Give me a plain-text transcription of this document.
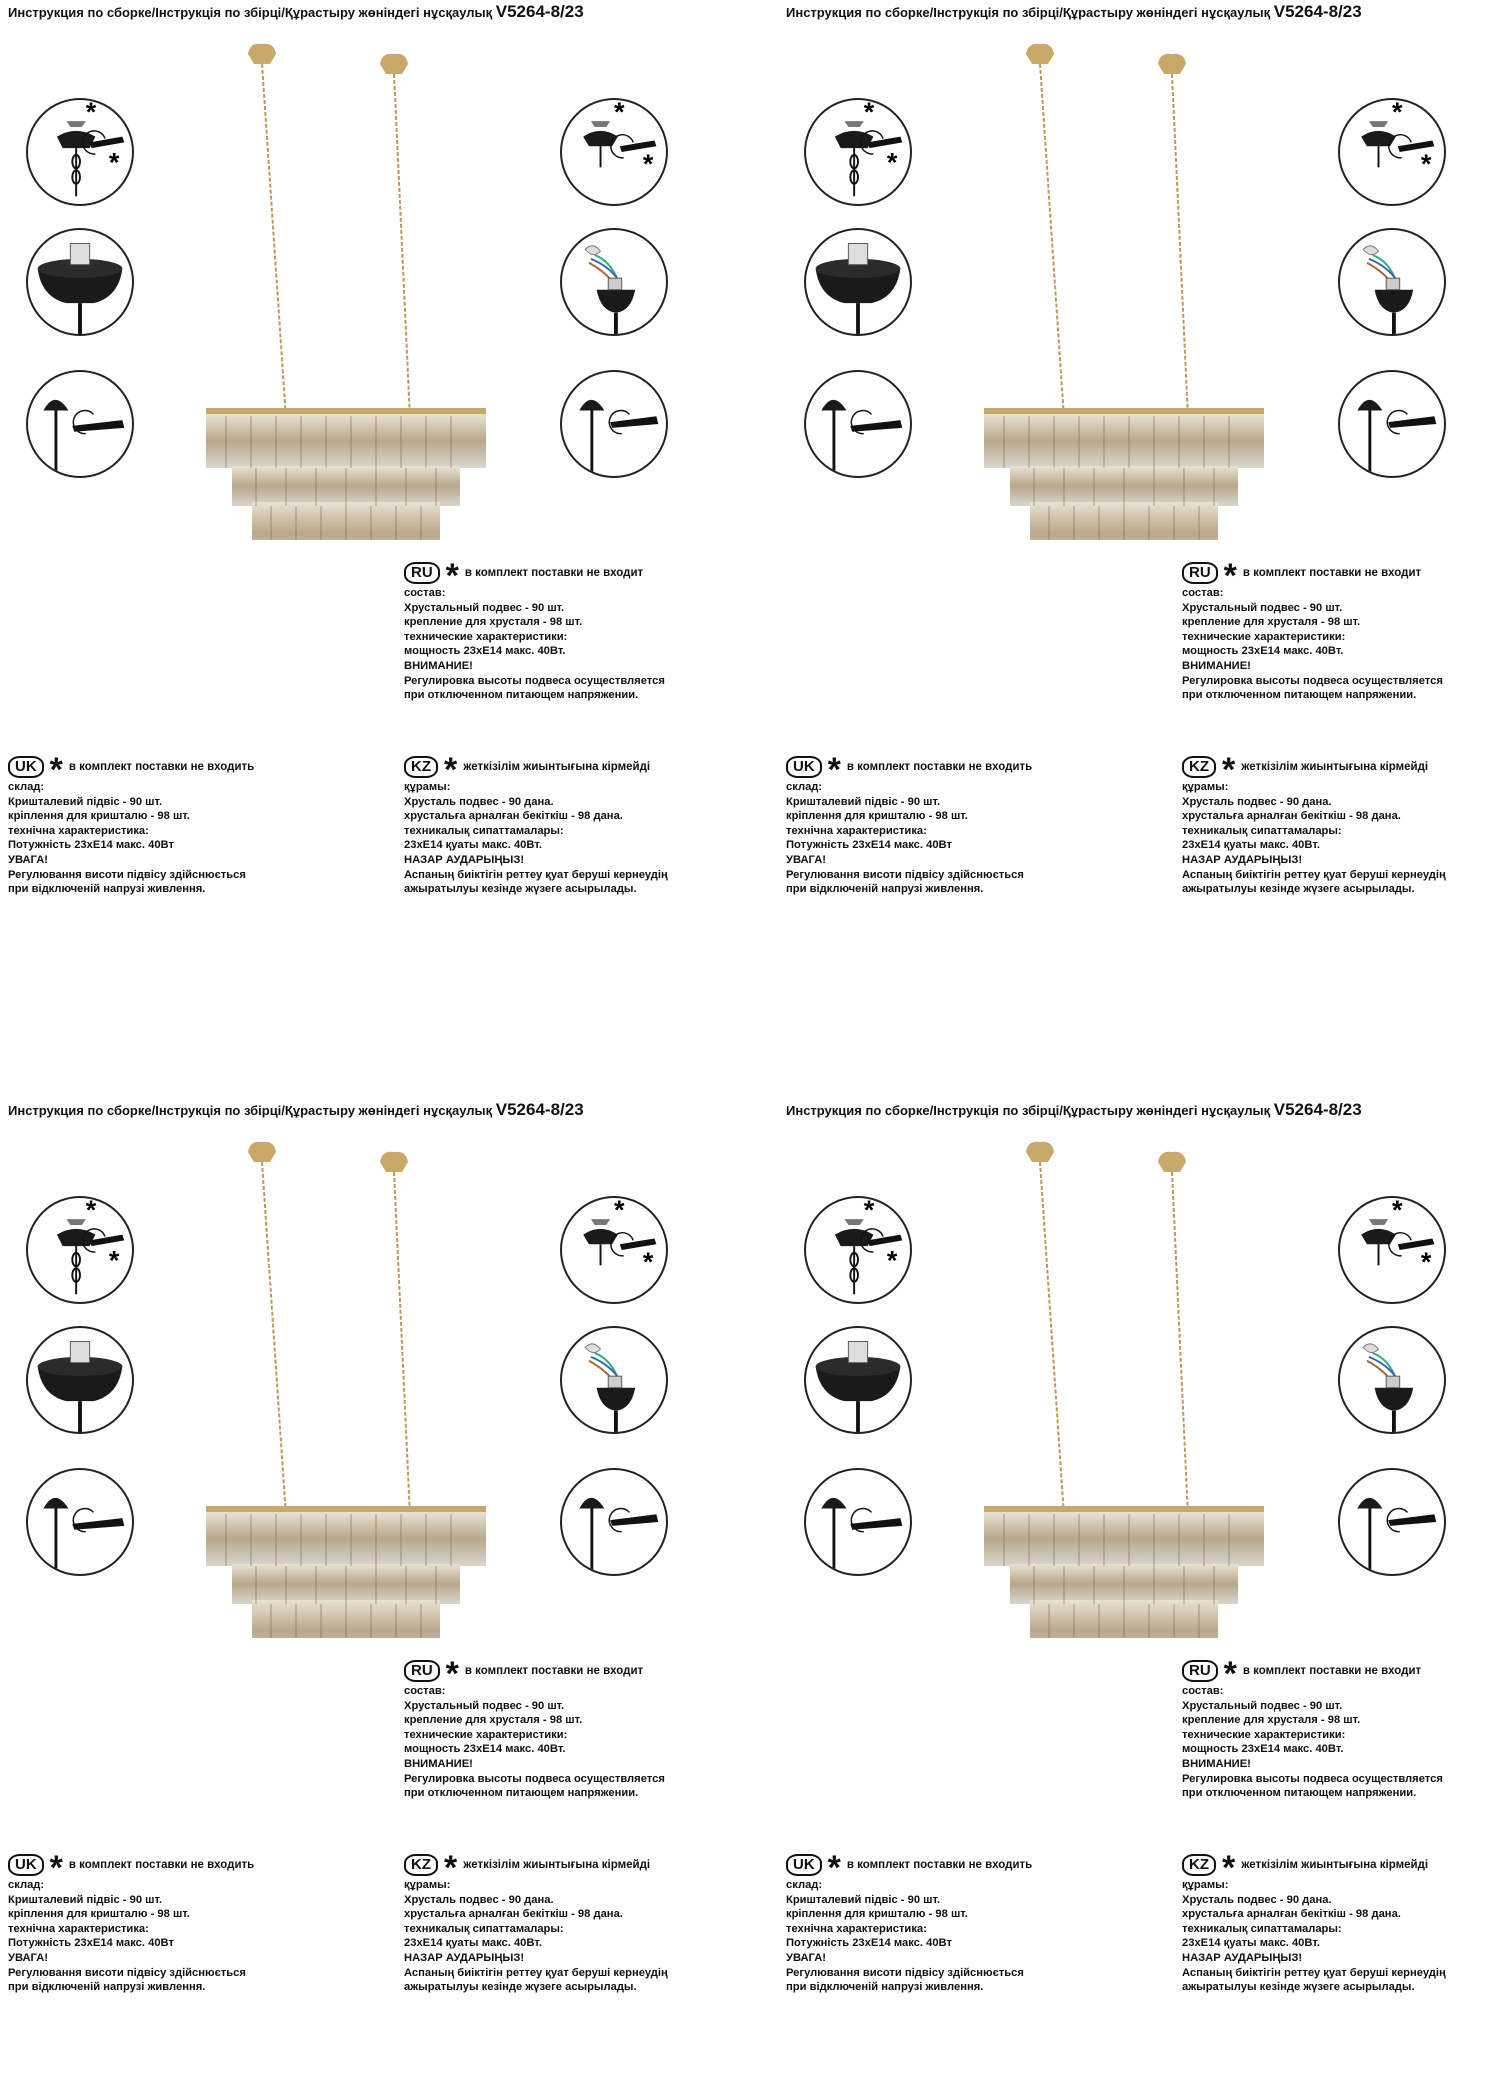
Инструкция по сборке/Інструкція по збірці/Құрастыру жөніндегі нұсқаулық V5264-8/23
*
*
*
*
RU * в комплект поставки не входит
состав:
Хрустальный подвес - 90 шт.
крепление для хрусталя - 98 шт.
технические характеристики:
мощность 23хЕ14 макс. 40Вт.
ВНИМАНИЕ!
Регулировка высоты подвеса осуществляется
при отключенном питающем напряжении.
UK * в комплект поставки не входить
склад:
Кришталевий підвіс - 90 шт.
кріплення для кришталю - 98 шт.
технічна характеристика:
Потужність 23хЕ14 макс. 40Вт
УВАГА!
Регулювання висоти підвісу здійснюється
при відключеній напрузі живлення.
KZ * жеткізілім жиынтығына кірмейді
құрамы:
Хрусталь подвес - 90 дана.
хрустальға арналған бекіткіш - 98 дана.
техникалық сипаттамалары:
23хЕ14 қуаты макс. 40Вт.
НАЗАР АУДАРЫҢЫЗ!
Аспаның биіктігін реттеу қуат беруші кернеудің
ажыратылуы кезінде жүзеге асырылады.
Инструкция по сборке/Інструкція по збірці/Құрастыру жөніндегі нұсқаулық V5264-8/23
*
*
*
*
RU * в комплект поставки не входит
состав:
Хрустальный подвес - 90 шт.
крепление для хрусталя - 98 шт.
технические характеристики:
мощность 23хЕ14 макс. 40Вт.
ВНИМАНИЕ!
Регулировка высоты подвеса осуществляется
при отключенном питающем напряжении.
UK * в комплект поставки не входить
склад:
Кришталевий підвіс - 90 шт.
кріплення для кришталю - 98 шт.
технічна характеристика:
Потужність 23хЕ14 макс. 40Вт
УВАГА!
Регулювання висоти підвісу здійснюється
при відключеній напрузі живлення.
KZ * жеткізілім жиынтығына кірмейді
құрамы:
Хрусталь подвес - 90 дана.
хрустальға арналған бекіткіш - 98 дана.
техникалық сипаттамалары:
23хЕ14 қуаты макс. 40Вт.
НАЗАР АУДАРЫҢЫЗ!
Аспаның биіктігін реттеу қуат беруші кернеудің
ажыратылуы кезінде жүзеге асырылады.
Инструкция по сборке/Інструкція по збірці/Құрастыру жөніндегі нұсқаулық V5264-8/23
*
*
*
*
RU * в комплект поставки не входит
состав:
Хрустальный подвес - 90 шт.
крепление для хрусталя - 98 шт.
технические характеристики:
мощность 23хЕ14 макс. 40Вт.
ВНИМАНИЕ!
Регулировка высоты подвеса осуществляется
при отключенном питающем напряжении.
UK * в комплект поставки не входить
склад:
Кришталевий підвіс - 90 шт.
кріплення для кришталю - 98 шт.
технічна характеристика:
Потужність 23хЕ14 макс. 40Вт
УВАГА!
Регулювання висоти підвісу здійснюється
при відключеній напрузі живлення.
KZ * жеткізілім жиынтығына кірмейді
құрамы:
Хрусталь подвес - 90 дана.
хрустальға арналған бекіткіш - 98 дана.
техникалық сипаттамалары:
23хЕ14 қуаты макс. 40Вт.
НАЗАР АУДАРЫҢЫЗ!
Аспаның биіктігін реттеу қуат беруші кернеудің
ажыратылуы кезінде жүзеге асырылады.
Инструкция по сборке/Інструкція по збірці/Құрастыру жөніндегі нұсқаулық V5264-8/23
*
*
*
*
RU * в комплект поставки не входит
состав:
Хрустальный подвес - 90 шт.
крепление для хрусталя - 98 шт.
технические характеристики:
мощность 23хЕ14 макс. 40Вт.
ВНИМАНИЕ!
Регулировка высоты подвеса осуществляется
при отключенном питающем напряжении.
UK * в комплект поставки не входить
склад:
Кришталевий підвіс - 90 шт.
кріплення для кришталю - 98 шт.
технічна характеристика:
Потужність 23хЕ14 макс. 40Вт
УВАГА!
Регулювання висоти підвісу здійснюється
при відключеній напрузі живлення.
KZ * жеткізілім жиынтығына кірмейді
құрамы:
Хрусталь подвес - 90 дана.
хрустальға арналған бекіткіш - 98 дана.
техникалық сипаттамалары:
23хЕ14 қуаты макс. 40Вт.
НАЗАР АУДАРЫҢЫЗ!
Аспаның биіктігін реттеу қуат беруші кернеудің
ажыратылуы кезінде жүзеге асырылады.
